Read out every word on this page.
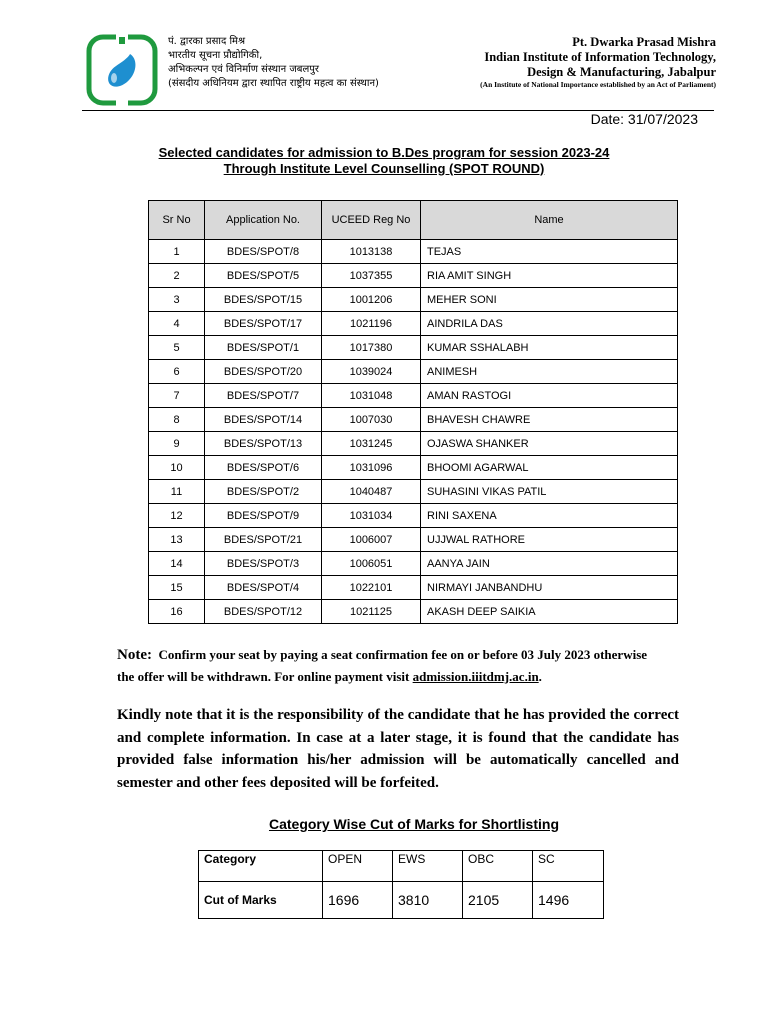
पं. द्वारका प्रसाद मिश्र
भारतीय सूचना प्रौद्योगिकी,
अभिकल्पन एवं विनिर्माण संस्थान जबलपुर
(संसदीय अधिनियम द्वारा स्थापित राष्ट्रीय महत्व का संस्थान)
Pt. Dwarka Prasad Mishra
Indian Institute of Information Technology,
Design & Manufacturing, Jabalpur
(An Institute of National Importance established by an Act of Parliament)
Date: 31/07/2023
Selected candidates for admission to B.Des program for session 2023-24
Through Institute Level Counselling (SPOT ROUND)
Sr No	Application No.	UCEED Reg No	Name
1	BDES/SPOT/8	1013138	TEJAS
2	BDES/SPOT/5	1037355	RIA AMIT SINGH
3	BDES/SPOT/15	1001206	MEHER SONI
4	BDES/SPOT/17	1021196	AINDRILA DAS
5	BDES/SPOT/1	1017380	KUMAR SSHALABH
6	BDES/SPOT/20	1039024	ANIMESH
7	BDES/SPOT/7	1031048	AMAN RASTOGI
8	BDES/SPOT/14	1007030	BHAVESH CHAWRE
9	BDES/SPOT/13	1031245	OJASWA SHANKER
10	BDES/SPOT/6	1031096	BHOOMI AGARWAL
11	BDES/SPOT/2	1040487	SUHASINI VIKAS PATIL
12	BDES/SPOT/9	1031034	RINI SAXENA
13	BDES/SPOT/21	1006007	UJJWAL RATHORE
14	BDES/SPOT/3	1006051	AANYA JAIN
15	BDES/SPOT/4	1022101	NIRMAYI JANBANDHU
16	BDES/SPOT/12	1021125	AKASH DEEP SAIKIA
Note: Confirm your seat by paying a seat confirmation fee on or before 03 July 2023 otherwise the offer will be withdrawn. For online payment visit admission.iiitdmj.ac.in.
Kindly note that it is the responsibility of the candidate that he has provided the correct and complete information. In case at a later stage, it is found that the candidate has provided false information his/her admission will be automatically cancelled and semester and other fees deposited will be forfeited.
Category Wise Cut of Marks for Shortlisting
Category	OPEN	EWS	OBC	SC
Cut of Marks	1696	3810	2105	1496
